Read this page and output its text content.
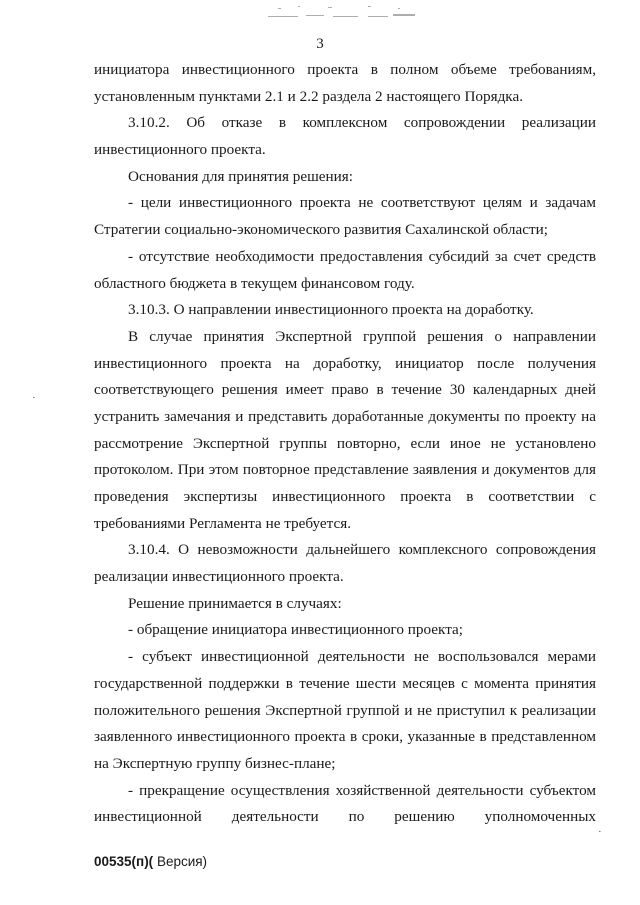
3
инициатора инвестиционного проекта в полном объеме требованиям,
установленным пунктами 2.1 и 2.2 раздела 2 настоящего Порядка.
3.10.2. Об отказе в комплексном сопровождении реализации
инвестиционного проекта.
Основания для принятия решения:
- цели инвестиционного проекта не соответствуют целям и задачам
Стратегии социально-экономического развития Сахалинской области;
- отсутствие необходимости предоставления субсидий за счет средств
областного бюджета в текущем финансовом году.
3.10.3. О направлении инвестиционного проекта на доработку.
В случае принятия Экспертной группой решения о направлении
инвестиционного проекта на доработку, инициатор после получения
соответствующего решения имеет право в течение 30 календарных дней
устранить замечания и представить доработанные документы по проекту на
рассмотрение Экспертной группы повторно, если иное не установлено
протоколом. При этом повторное представление заявления и документов для
проведения экспертизы инвестиционного проекта в соответствии с
требованиями Регламента не требуется.
3.10.4. О невозможности дальнейшего комплексного сопровождения
реализации инвестиционного проекта.
Решение принимается в случаях:
- обращение инициатора инвестиционного проекта;
- субъект инвестиционной деятельности не воспользовался мерами
государственной поддержки в течение шести месяцев с момента принятия
положительного решения Экспертной группой и не приступил к реализации
заявленного инвестиционного проекта в сроки, указанные в представленном
на Экспертную группу бизнес-плане;
- прекращение осуществления хозяйственной деятельности субъектом
инвестиционной деятельности по решению уполномоченных
·
·
00535(п)( Версия)
